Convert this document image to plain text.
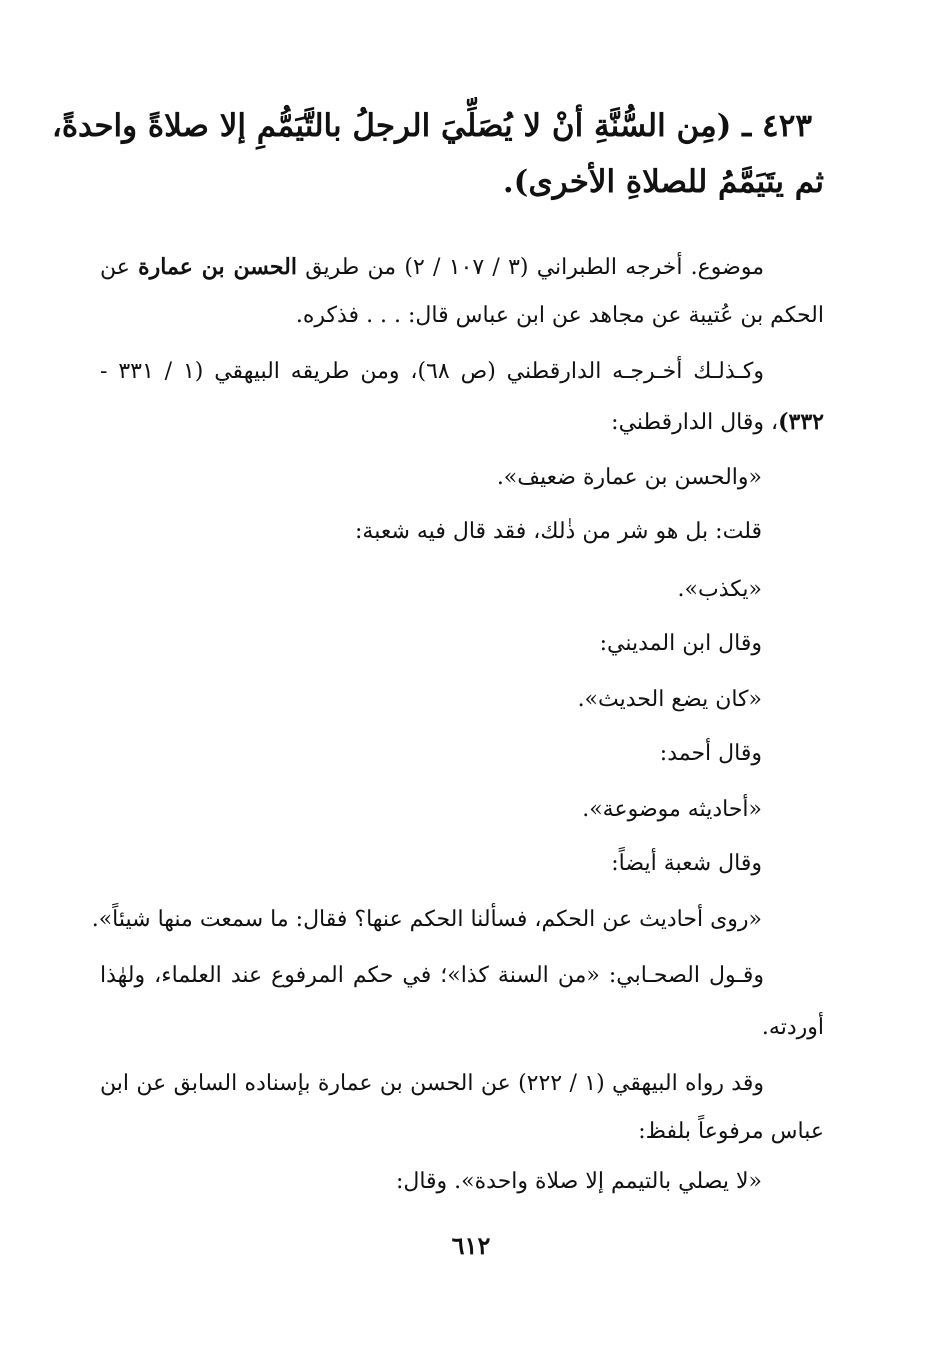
٤٢٣ ـ (مِن السُّنَّةِ أنْ لا يُصَلِّيَ الرجلُ بالتَّيَمُّمِ إلا صلاةً واحدةً،
ثم يتَيَمَّمُ للصلاةِ الأخرى).
موضوع. أخرجه الطبراني (٣ / ١٠٧ / ٢) من طريق الحسن بن عمارة عن
الحكم بن عُتيبة عن مجاهد عن ابن عباس قال: . . . فذكره.
وكـذلـك أخـرجـه الدارقطني (ص ٦٨)، ومن طريقه البيهقي (١ / ٣٣١ -
٣٣٢)، وقال الدارقطني:
«والحسن بن عمارة ضعيف».
قلت: بل هو شر من ذٰلك، فقد قال فيه شعبة:
«يكذب».
وقال ابن المديني:
«كان يضع الحديث».
وقال أحمد:
«أحاديثه موضوعة».
وقال شعبة أيضاً:
«روى أحاديث عن الحكم، فسألنا الحكم عنها؟ فقال: ما سمعت منها شيئاً».
وقـول الصحـابي: «من السنة كذا»؛ في حكم المرفوع عند العلماء، ولهٰذا
أوردته.
وقد رواه البيهقي (١ / ٢٢٢) عن الحسن بن عمارة بإسناده السابق عن ابن
عباس مرفوعاً بلفظ:
«لا يصلي بالتيمم إلا صلاة واحدة». وقال:
٦١٢
